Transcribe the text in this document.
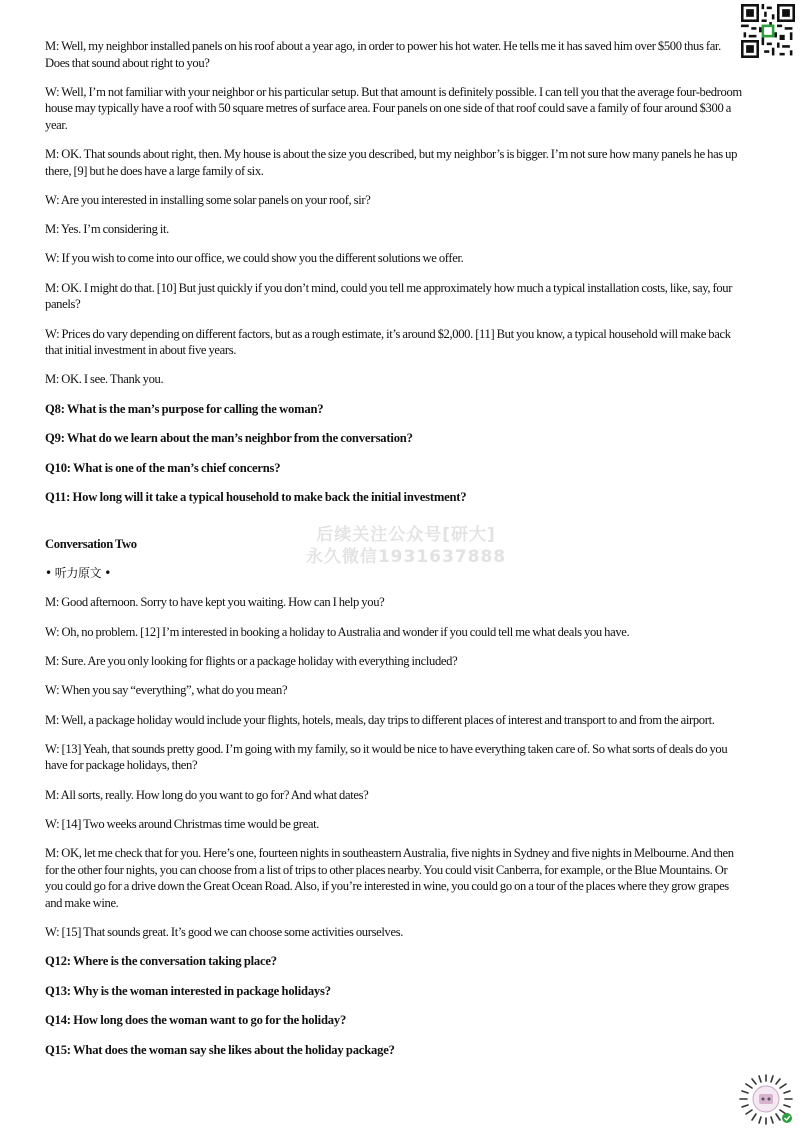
M: Well, my neighbor installed panels on his roof about a year ago, in order to power his hot water. He tells me it has saved him over $500 thus far. Does that sound about right to you?

W: Well, I’m not familiar with your neighbor or his particular setup. But that amount is definitely possible. I can tell you that the average four-bedroom house may typically have a roof with 50 square metres of surface area. Four panels on one side of that roof could save a family of four around $300 a year.

M: OK. That sounds about right, then. My house is about the size you described, but my neighbor’s is bigger. I’m not sure how many panels he has up there, [9] but he does have a large family of six.

W: Are you interested in installing some solar panels on your roof, sir?

M: Yes. I’m considering it.

W: If you wish to come into our office, we could show you the different solutions we offer.

M: OK. I might do that. [10] But just quickly if you don’t mind, could you tell me approximately how much a typical installation costs, like, say, four panels?

W: Prices do vary depending on different factors, but as a rough estimate, it’s around $2,000. [11] But you know, a typical household will make back that initial investment in about five years.

M: OK. I see. Thank you.

Q8: What is the man’s purpose for calling the woman?

Q9: What do we learn about the man’s neighbor from the conversation?

Q10: What is one of the man’s chief concerns?

Q11: How long will it take a typical household to make back the initial investment?

Conversation Two

• 听力原文 •

M: Good afternoon. Sorry to have kept you waiting. How can I help you?

W: Oh, no problem. [12] I’m interested in booking a holiday to Australia and wonder if you could tell me what deals you have.

M: Sure. Are you only looking for flights or a package holiday with everything included?

W: When you say “everything”, what do you mean?

M: Well, a package holiday would include your flights, hotels, meals, day trips to different places of interest and transport to and from the airport.

W: [13] Yeah, that sounds pretty good. I’m going with my family, so it would be nice to have everything taken care of. So what sorts of deals do you have for package holidays, then?

M: All sorts, really. How long do you want to go for? And what dates?

W: [14] Two weeks around Christmas time would be great.

M: OK, let me check that for you. Here’s one, fourteen nights in southeastern Australia, five nights in Sydney and five nights in Melbourne. And then for the other four nights, you can choose from a list of trips to other places nearby. You could visit Canberra, for example, or the Blue Mountains. Or you could go for a drive down the Great Ocean Road. Also, if you’re interested in wine, you could go on a tour of the places where they grow grapes and make wine.

W: [15] That sounds great. It’s good we can choose some activities ourselves.

Q12: Where is the conversation taking place?

Q13: Why is the woman interested in package holidays?

Q14: How long does the woman want to go for the holiday?

Q15: What does the woman say she likes about the holiday package?

后续关注公众号[研大]
永久微信1931637888
